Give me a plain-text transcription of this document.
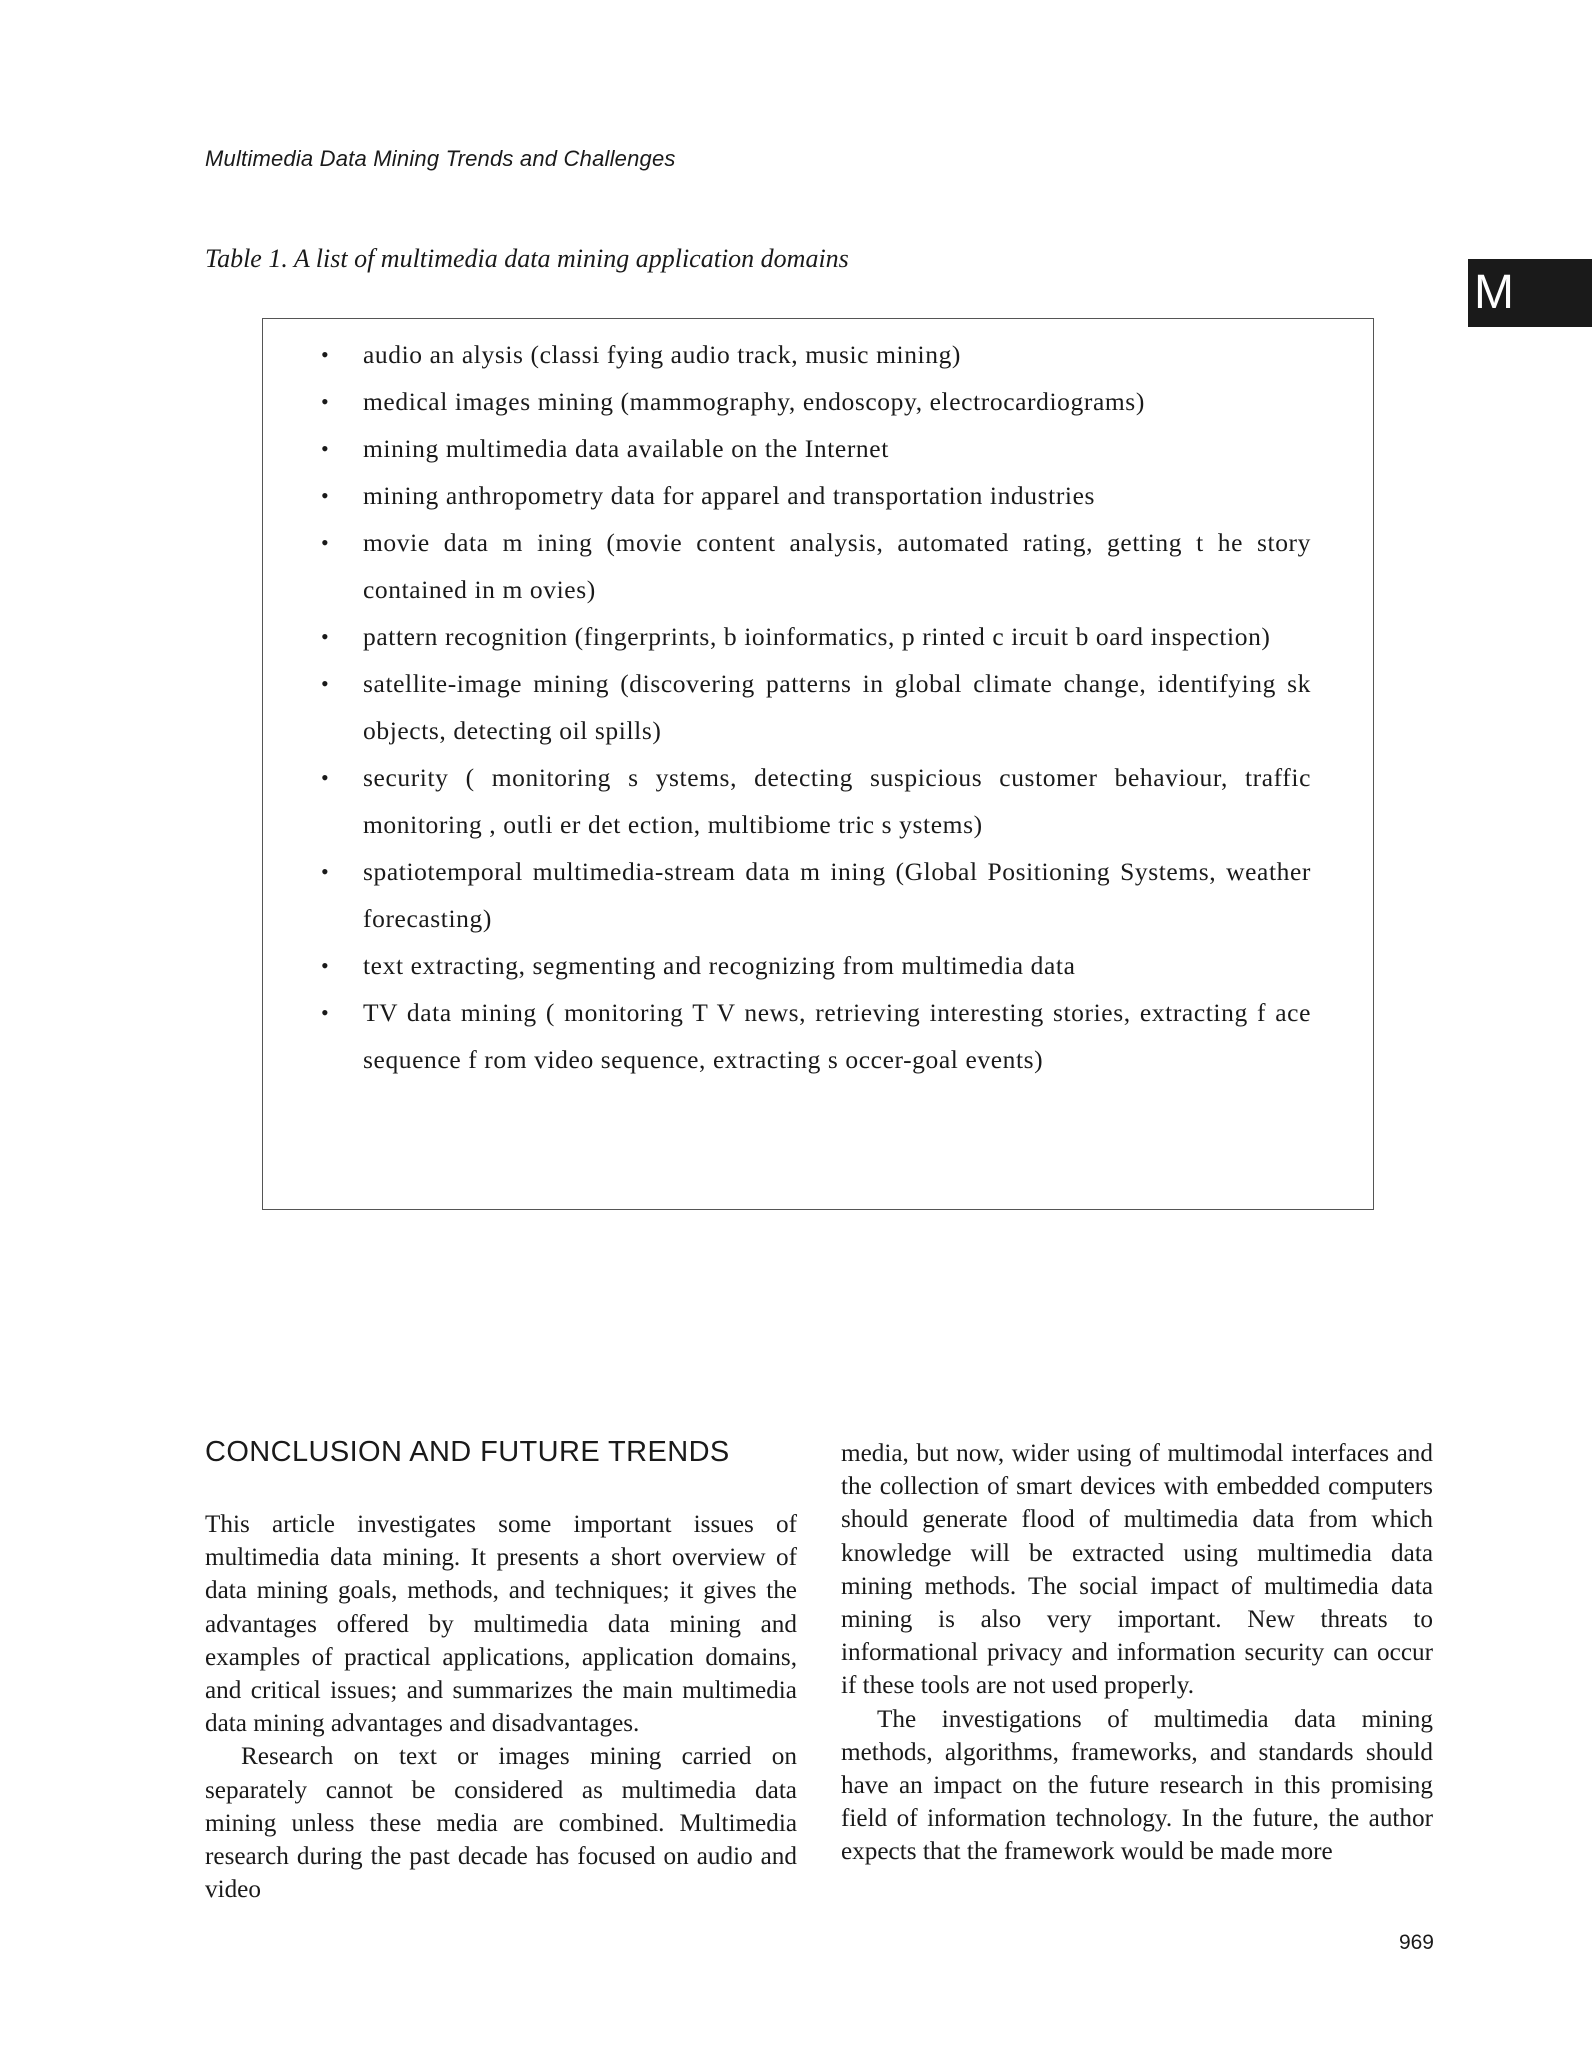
Multimedia Data Mining Trends and Challenges
M
Table 1. A list of multimedia data mining application domains
• audio an alysis (classi fying audio track, music mining)
• medical images mining (mammography, endoscopy, electrocardiograms)
• mining multimedia data available on the Internet
• mining anthropometry data for apparel and transportation industries
• movie data m ining (movie content analysis, automated rating, getting t he story contained in m ovies)
• pattern recognition (fingerprints, b ioinformatics, p rinted c ircuit b oard inspection)
• satellite-image mining (discovering patterns in global climate change, identifying sk objects, detecting oil spills)
• security ( monitoring s ystems, detecting suspicious customer behaviour, traffic monitoring , outli er det ection, multibiome tric s ystems)
• spatiotemporal multimedia-stream data m ining (Global Positioning Systems, weather forecasting)
• text extracting, segmenting and recognizing from multimedia data
• TV data mining ( monitoring T V news, retrieving interesting stories, extracting f ace sequence f rom video sequence, extracting s occer-goal events)
CONCLUSION AND FUTURE TRENDS

This article investigates some important issues of multimedia data mining. It presents a short overview of data mining goals, methods, and techniques; it gives the advantages offered by multimedia data mining and examples of practical applications, application domains, and critical issues; and summarizes the main multimedia data mining advantages and disadvantages.

Research on text or images mining carried on separately cannot be considered as multimedia data mining unless these media are combined. Multimedia research during the past decade has focused on audio and video

media, but now, wider using of multimodal interfaces and the collection of smart devices with embedded computers should generate flood of multimedia data from which knowledge will be extracted using multimedia data mining methods. The social impact of multimedia data mining is also very important. New threats to informational privacy and information security can occur if these tools are not used properly.

The investigations of multimedia data mining methods, algorithms, frameworks, and standards should have an impact on the future research in this promising field of information technology. In the future, the author expects that the framework would be made more

969
